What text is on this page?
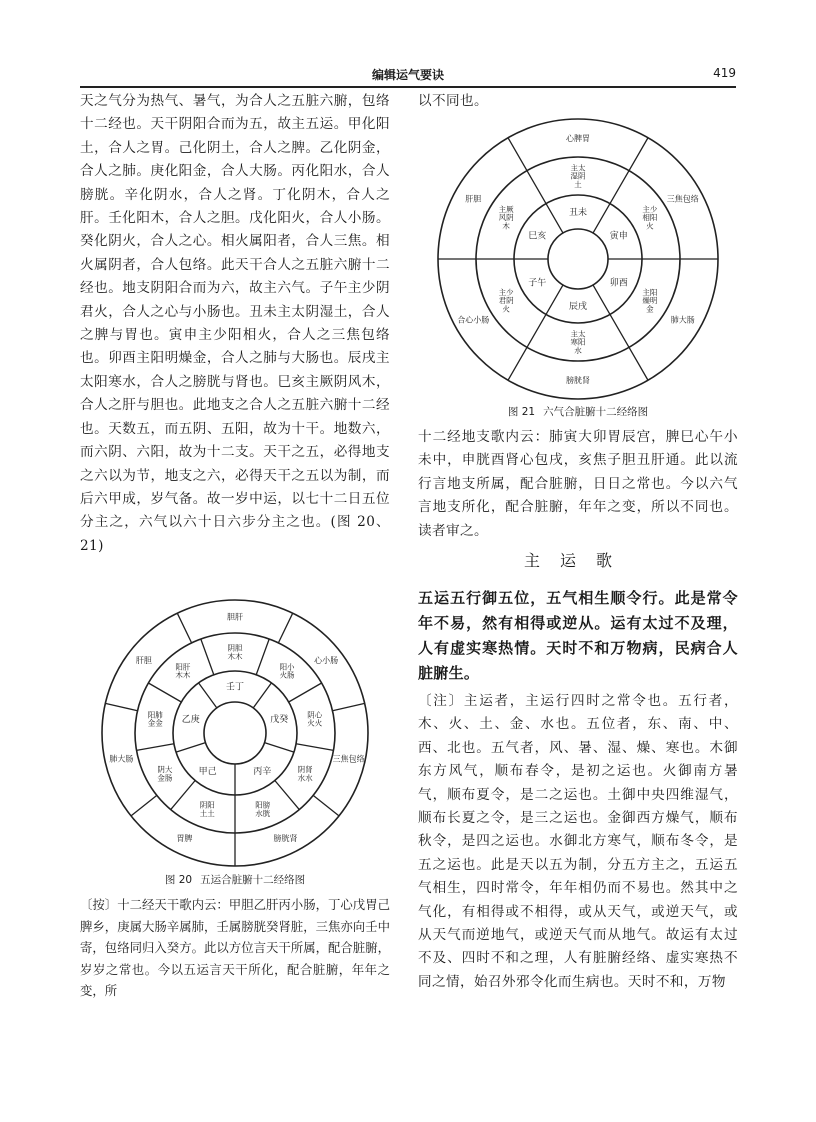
编辑运气要诀	419

天之气分为热气、暑气，为合人之五脏六腑，包络十二经也。天干阴阳合而为五，故主五运。甲化阳土，合人之胃。己化阴土，合人之脾。乙化阴金，合人之肺。庚化阳金，合人大肠。丙化阳水，合人膀胱。辛化阴水，合人之肾。丁化阴木，合人之肝。壬化阳木，合人之胆。戊化阳火，合人小肠。癸化阴火，合人之心。相火属阳者，合人三焦。相火属阴者，合人包络。此天干合人之五脏六腑十二经也。地支阴阳合而为六，故主六气。子午主少阴君火，合人之心与小肠也。丑未主太阴湿土，合人之脾与胃也。寅申主少阳相火，合人之三焦包络也。卯酉主阳明燥金，合人之肺与大肠也。辰戌主太阳寒水，合人之膀胱与肾也。巳亥主厥阴风木，合人之肝与胆也。此地支之合人之五脏六腑十二经也。天数五，而五阴、五阳，故为十干。地数六，而六阴、六阳，故为十二支。天干之五，必得地支之六以为节，地支之六，必得天干之五以为制，而后六甲成，岁气备。故一岁中运，以七十二日五位分主之，六气以六十日六步分主之也。(图 20、21)

壬丁
戊癸
丙辛
甲己
乙庚
阴胆木木
阳小火肠
阴心火火
阴肾水水
阳膀水胱
阴阳土土
阴大金肠
阳肺金金
阳肝木木
胆肝
心小肠
三焦包络
膀胱肾
胃脾
肺大肠
肝胆
图 20 五运合脏腑十二经络图

〔按〕十二经天干歌内云：甲胆乙肝丙小肠，丁心戊胃己脾乡，庚属大肠辛属肺，壬属膀胱癸肾脏，三焦亦向壬中寄，包络同归入癸方。此以方位言天干所属，配合脏腑，岁岁之常也。今以五运言天干所化，配合脏腑，年年之变，所

以不同也。

丑未
寅申
卯酉
辰戌
子午
巳亥
主太湿阴土
主少相阳火
主阳燥明金
主太寒阳水
主少君阴火
主厥风阴木
心脾胃
三焦包络
肺大肠
膀胱肾
合心小肠
肝胆
图 21 六气合脏腑十二经络图

十二经地支歌内云：肺寅大卯胃辰宫，脾巳心午小未中，申胱酉肾心包戌，亥焦子胆丑肝通。此以流行言地支所属，配合脏腑，日日之常也。今以六气言地支所化，配合脏腑，年年之变，所以不同也。读者审之。

主运歌

五运五行御五位，五气相生顺令行。此是常令年不易，然有相得或逆从。运有太过不及理，人有虚实寒热情。天时不和万物病，民病合人脏腑生。

〔注〕主运者，主运行四时之常令也。五行者，木、火、土、金、水也。五位者，东、南、中、西、北也。五气者，风、暑、湿、燥、寒也。木御东方风气，顺布春令，是初之运也。火御南方暑气，顺布夏令，是二之运也。土御中央四维湿气，顺布长夏之令，是三之运也。金御西方燥气，顺布秋令，是四之运也。水御北方寒气，顺布冬令，是五之运也。此是天以五为制，分五方主之，五运五气相生，四时常令，年年相仍而不易也。然其中之气化，有相得或不相得，或从天气，或逆天气，或从天气而逆地气，或逆天气而从地气。故运有太过不及、四时不和之理，人有脏腑经络、虚实寒热不同之情，始召外邪令化而生病也。天时不和，万物
